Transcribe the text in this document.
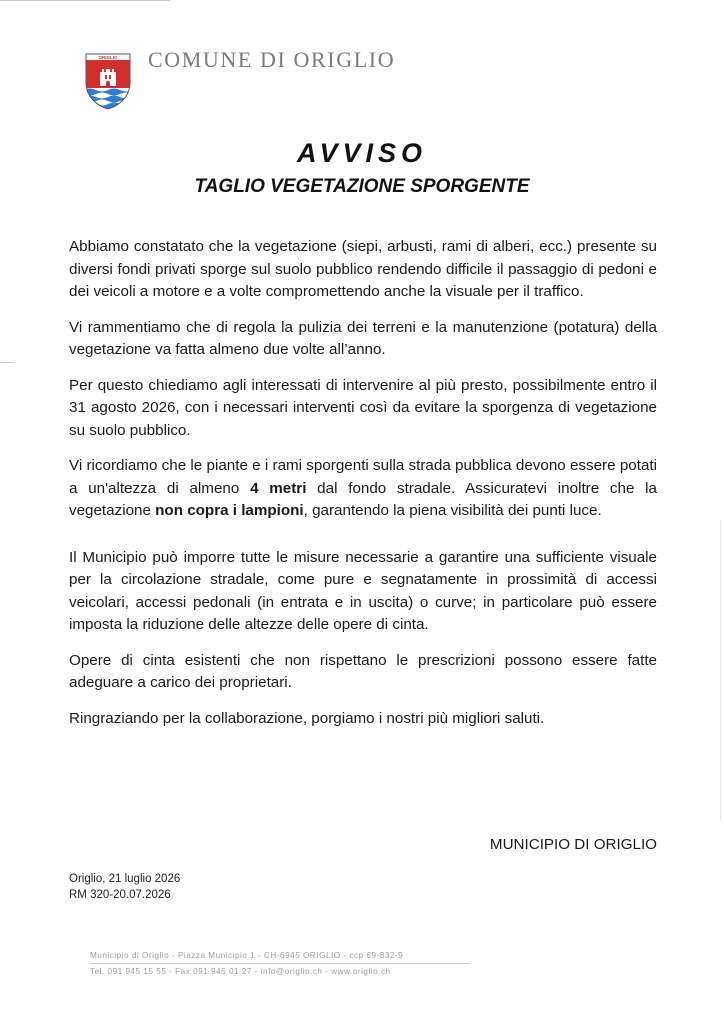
ORIGLIO COMUNE DI ORIGLIO
AVVISO
TAGLIO VEGETAZIONE SPORGENTE

Abbiamo constatato che la vegetazione (siepi, arbusti, rami di alberi, ecc.) presente su diversi fondi privati sporge sul suolo pubblico rendendo difficile il passaggio di pedoni e dei veicoli a motore e a volte compromettendo anche la visuale per il traffico.

Vi rammentiamo che di regola la pulizia dei terreni e la manutenzione (potatura) della vegetazione va fatta almeno due volte all’anno.

Per questo chiediamo agli interessati di intervenire al più presto, possibilmente entro il 31 agosto 2026, con i necessari interventi così da evitare la sporgenza di vegetazione su suolo pubblico.

Vi ricordiamo che le piante e i rami sporgenti sulla strada pubblica devono essere potati a un'altezza di almeno 4 metri dal fondo stradale. Assicuratevi inoltre che la vegetazione non copra i lampioni, garantendo la piena visibilità dei punti luce.

Il Municipio può imporre tutte le misure necessarie a garantire una sufficiente visuale per la circolazione stradale, come pure e segnatamente in prossimità di accessi veicolari, accessi pedonali (in entrata e in uscita) o curve; in particolare può essere imposta la riduzione delle altezze delle opere di cinta.

Opere di cinta esistenti che non rispettano le prescrizioni possono essere fatte adeguare a carico dei proprietari.

Ringraziando per la collaborazione, porgiamo i nostri più migliori saluti.

MUNICIPIO DI ORIGLIO
Origlio, 21 luglio 2026
RM 320-20.07.2026
Municipio di Origlio - Piazza Municipio 1 - CH-6945 ORIGLIO - ccp 69-832-9
Tel. 091 945 15 55 - Fax 091 945 01 27 - info@origlio.ch - www.origlio.ch
